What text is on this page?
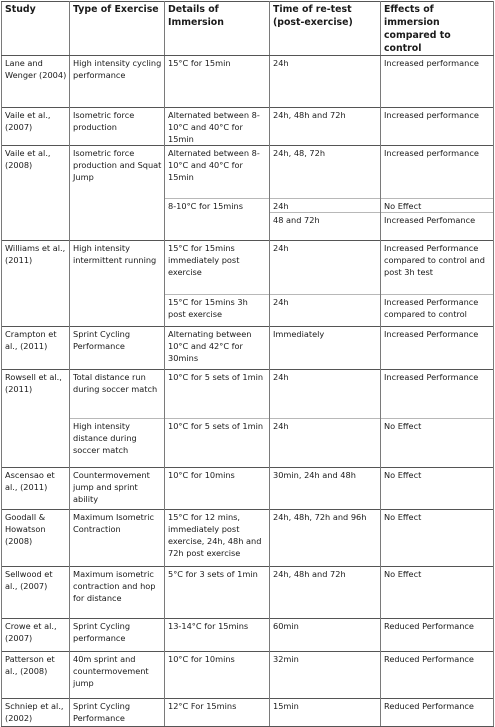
Study	Type of Exercise	Details of Immersion	Time of re-test (post-exercise)	Effects of immersion compared to control
Lane and Wenger (2004)	High intensity cycling performance	15°C for 15min	24h	Increased performance
Vaile et al., (2007)	Isometric force production	Alternated between 8-10°C and 40°C for 15min	24h, 48h and 72h	Increased performance
Vaile et al., (2008)	Isometric force production and Squat Jump	Alternated between 8-10°C and 40°C for 15min	24h, 48, 72h	Increased performance
		8-10°C for 15mins	24h	No Effect
			48 and 72h	Increased Perfomance
Williams et al., (2011)	High intensity intermittent running	15°C for 15mins immediately post exercise	24h	Increased Performance compared to control and post 3h test
		15°C for 15mins 3h post exercise	24h	Increased Performance compared to control
Crampton et al., (2011)	Sprint Cycling Performance	Alternating between 10°C and 42°C for 30mins	Immediately	Increased Performance
Rowsell et al., (2011)	Total distance run during soccer match	10°C for 5 sets of 1min	24h	Increased Performance
	High intensity distance during soccer match	10°C for 5 sets of 1min	24h	No Effect
Ascensao et al., (2011)	Countermovement jump and sprint ability	10°C for 10mins	30min, 24h and 48h	No Effect
Goodall & Howatson (2008)	Maximum Isometric Contraction	15°C for 12 mins, immediately post exercise, 24h, 48h and 72h post exercise	24h, 48h, 72h and 96h	No Effect
Sellwood et al., (2007)	Maximum isometric contraction and hop for distance	5°C for 3 sets of 1min	24h, 48h and 72h	No Effect
Crowe et al., (2007)	Sprint Cycling performance	13-14°C for 15mins	60min	Reduced Performance
Patterson et al., (2008)	40m sprint and countermovement jump	10°C for 10mins	32min	Reduced Performance
Schniep et al., (2002)	Sprint Cycling Performance	12°C For 15mins	15min	Reduced Performance
